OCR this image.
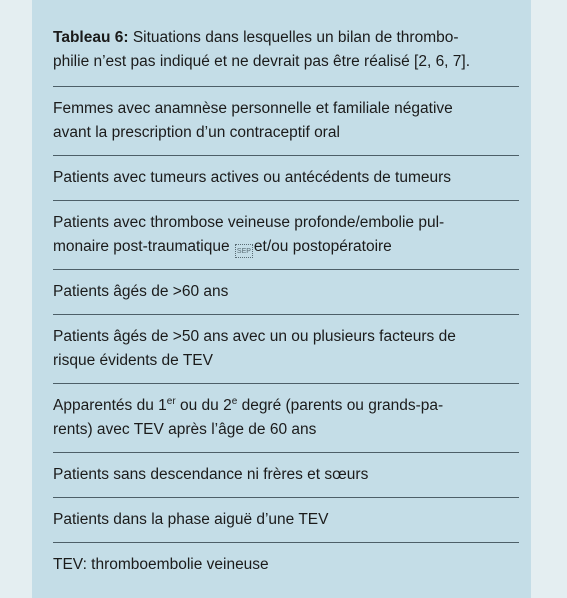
Tableau 6: Situations dans lesquelles un bilan de thrombo-
philie n’est pas indiqué et ne devrait pas être réalisé [2, 6, 7].
Femmes avec anamnèse personnelle et familiale négative
avant la prescription d’un contraceptif oral
Patients avec tumeurs actives ou antécédents de tumeurs
Patients avec thrombose veineuse profonde/embolie pul-
monaire post-traumatique SEP et/ou postopératoire
Patients âgés de >60 ans
Patients âgés de >50 ans avec un ou plusieurs facteurs de
risque évidents de TEV
Apparentés du 1er ou du 2e degré (parents ou grands-pa-
rents) avec TEV après l’âge de 60 ans
Patients sans descendance ni frères et sœurs
Patients dans la phase aiguë d’une TEV
TEV: thromboembolie veineuse
